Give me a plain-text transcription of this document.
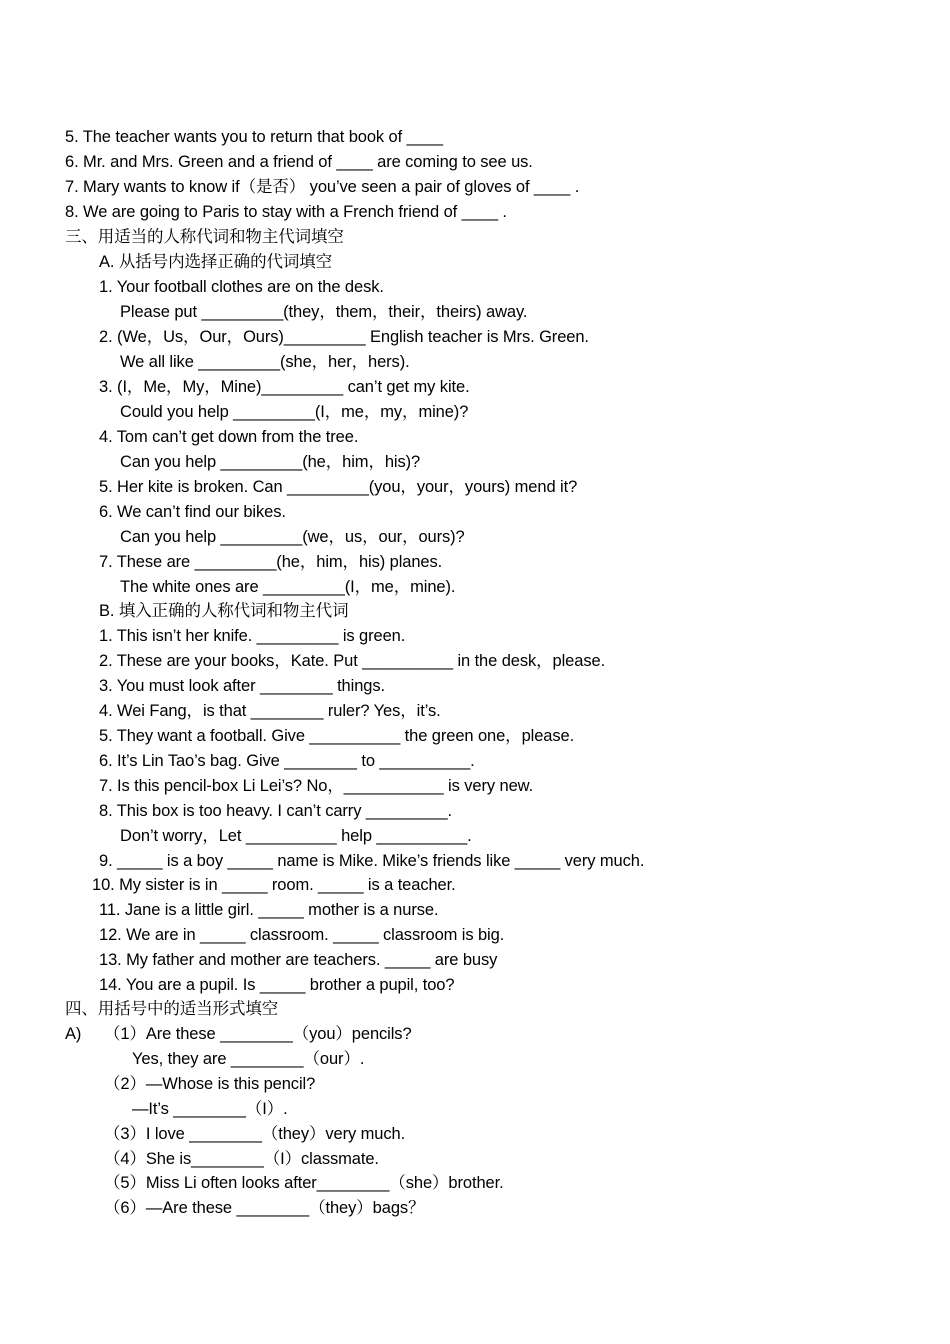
5. The teacher wants you to return that book of ____
6. Mr. and Mrs. Green and a friend of ____ are coming to see us.
7. Mary wants to know if（是否） you’ve seen a pair of gloves of ____ .
8. We are going to Paris to stay with a French friend of ____ .
三、用适当的人称代词和物主代词填空
A. 从括号内选择正确的代词填空
1. Your football clothes are on the desk.
Please put _________(they，them，their，theirs) away.
2. (We，Us，Our，Ours)_________ English teacher is Mrs. Green.
We all like _________(she，her，hers).
3. (I，Me，My，Mine)_________ can’t get my kite.
Could you help _________(I，me，my，mine)?
4. Tom can’t get down from the tree.
Can you help _________(he，him，his)?
5. Her kite is broken. Can _________(you，your，yours) mend it?
6. We can’t find our bikes.
Can you help _________(we，us，our，ours)?
7. These are _________(he，him，his) planes.
The white ones are _________(I，me，mine).
B. 填入正确的人称代词和物主代词
1. This isn’t her knife. _________ is green.
2. These are your books，Kate. Put __________ in the desk，please.
3. You must look after ________ things.
4. Wei Fang，is that ________ ruler? Yes，it’s.
5. They want a football. Give __________ the green one，please.
6. It’s Lin Tao’s bag. Give ________ to __________.
7. Is this pencil-box Li Lei’s? No，___________ is very new.
8. This box is too heavy. I can’t carry _________.
Don’t worry，Let __________ help __________.
9. _____ is a boy _____ name is Mike. Mike’s friends like _____ very much.
10. My sister is in _____ room. _____ is a teacher.
11. Jane is a little girl. _____ mother is a nurse.
12. We are in _____ classroom. _____ classroom is big.
13. My father and mother are teachers. _____ are busy
14. You are a pupil. Is _____ brother a pupil, too?
四、用括号中的适当形式填空
A) （1）Are these ________（you）pencils?
Yes, they are ________（our）.
（2）—Whose is this pencil?
—It’s ________（I）.
（3）I love ________（they）very much.
（4）She is________（I）classmate.
（5）Miss Li often looks after________（she）brother.
（6）—Are these ________（they）bags？
